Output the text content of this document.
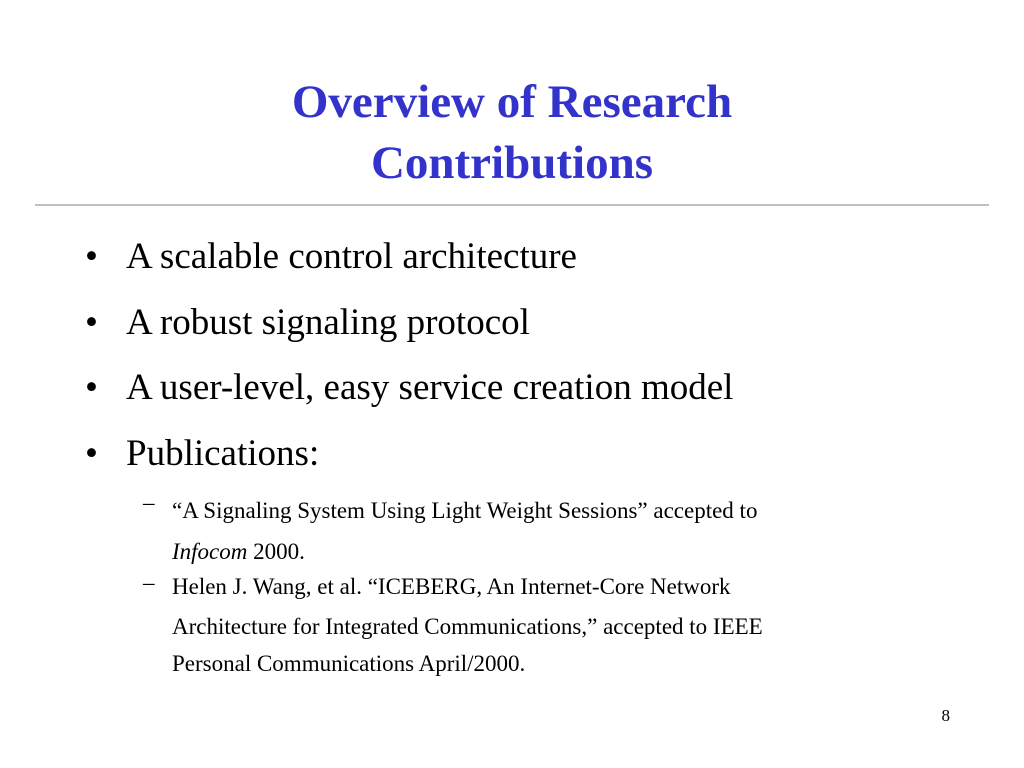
Overview of Research
Contributions
• A scalable control architecture
• A robust signaling protocol
• A user-level, easy service creation model
• Publications:
– “A Signaling System Using Light Weight Sessions” accepted to
Infocom 2000.
– Helen J. Wang, et al. “ICEBERG, An Internet-Core Network
Architecture for Integrated Communications,” accepted to IEEE
Personal Communications April/2000.
8
